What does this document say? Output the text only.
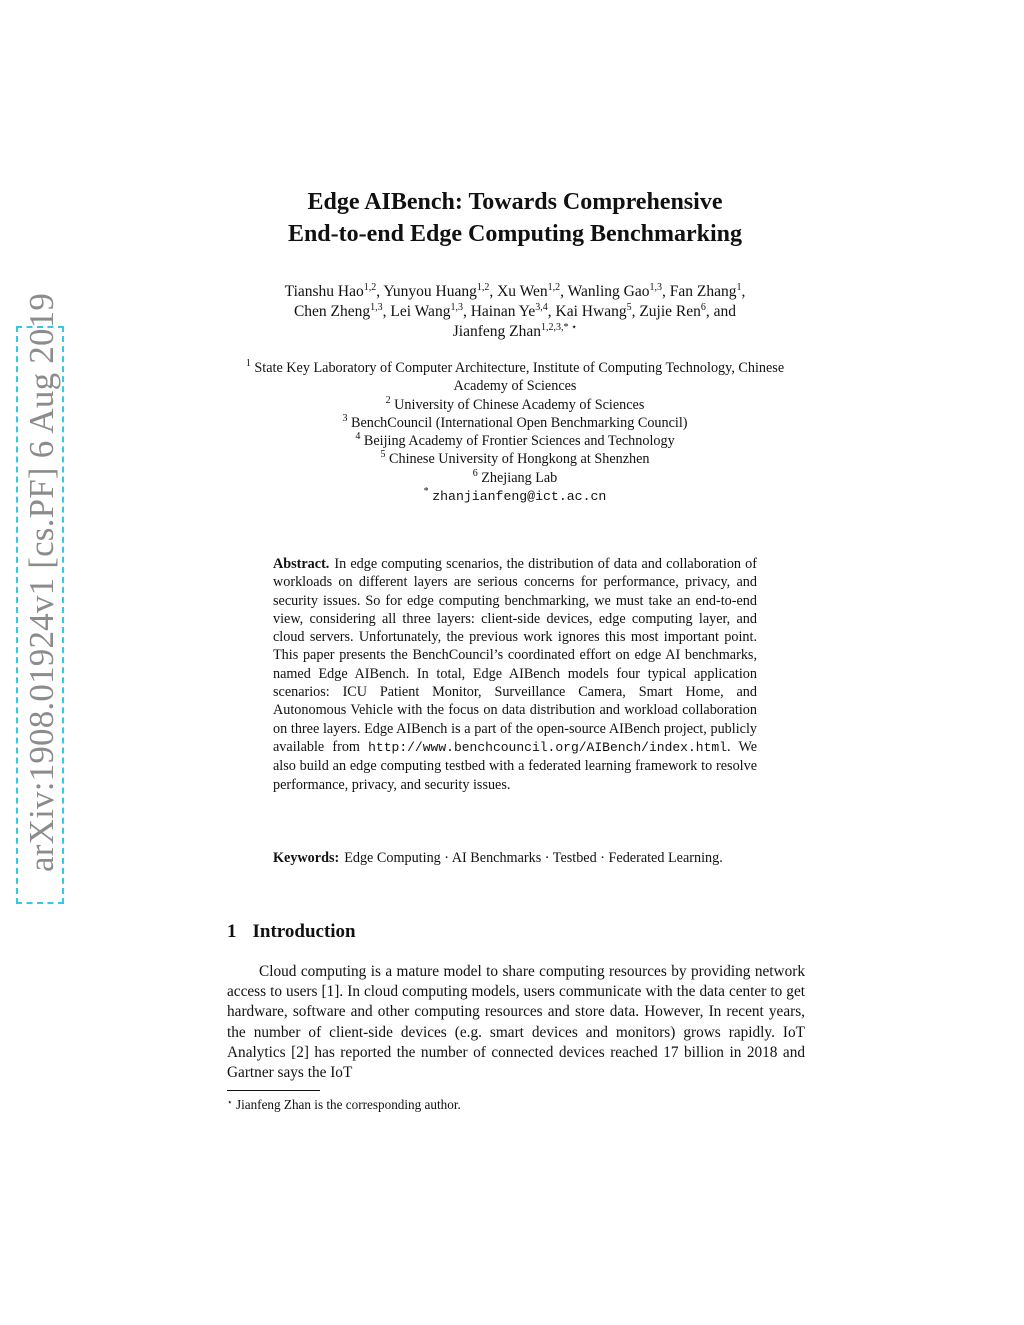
arXiv:1908.01924v1 [cs.PF] 6 Aug 2019
Edge AIBench: Towards Comprehensive
End-to-end Edge Computing Benchmarking
Tianshu Hao$^{1,2}$, Yunyou Huang$^{1,2}$, Xu Wen$^{1,2}$, Wanling Gao$^{1,3}$, Fan Zhang$^1$,
Chen Zheng$^{1,3}$, Lei Wang$^{1,3}$, Hainan Ye$^{3,4}$, Kai Hwang$^5$, Zujie Ren$^6$, and
Jianfeng Zhan$^{1,2,3,* ⋆}$
$^1$ State Key Laboratory of Computer Architecture, Institute of Computing Technology, Chinese Academy of Sciences
$^2$ University of Chinese Academy of Sciences
$^3$ BenchCouncil (International Open Benchmarking Council)
$^4$ Beijing Academy of Frontier Sciences and Technology
$^5$ Chinese University of Hongkong at Shenzhen
$^6$ Zhejiang Lab
* zhanjianfeng@ict.ac.cn

Abstract. In edge computing scenarios, the distribution of data and collaboration of workloads on different layers are serious concerns for performance, privacy, and security issues. So for edge computing benchmarking, we must take an end-to-end view, considering all three layers: client-side devices, edge computing layer, and cloud servers. Unfortunately, the previous work ignores this most important point. This paper presents the BenchCouncil’s coordinated effort on edge AI benchmarks, named Edge AIBench. In total, Edge AIBench models four typical application scenarios: ICU Patient Monitor, Surveillance Camera, Smart Home, and Autonomous Vehicle with the focus on data distribution and workload collaboration on three layers. Edge AIBench is a part of the open-source AIBench project, publicly available from http://www.benchcouncil.org/AIBench/index.html. We also build an edge computing testbed with a federated learning framework to resolve performance, privacy, and security issues.

Keywords: Edge Computing · AI Benchmarks · Testbed · Federated Learning.

1 Introduction

Cloud computing is a mature model to share computing resources by providing network access to users [1]. In cloud computing models, users communicate with the data center to get hardware, software and other computing resources and store data. However, In recent years, the number of client-side devices (e.g. smart devices and monitors) grows rapidly. IoT Analytics [2] has reported the number of connected devices reached 17 billion in 2018 and Gartner says the IoT

⋆ Jianfeng Zhan is the corresponding author.
